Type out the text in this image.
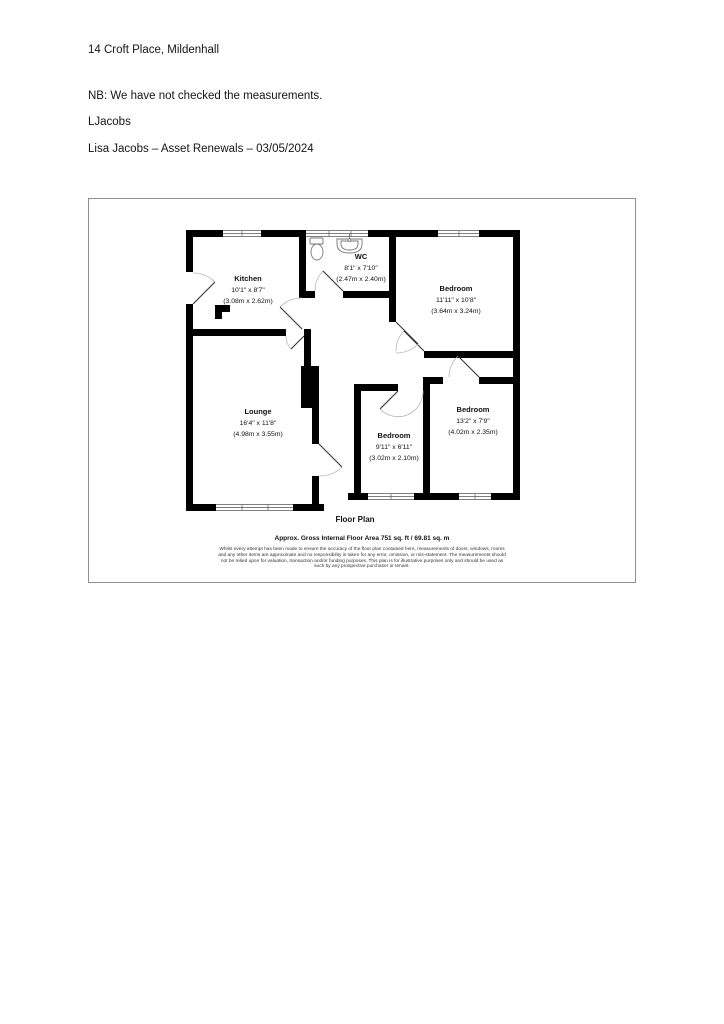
14 Croft Place, Mildenhall
NB: We have not checked the measurements.
LJacobs
Lisa Jacobs – Asset Renewals – 03/05/2024
Kitchen
10'1" x 8'7"
(3.08m x 2.62m)
WC
8'1" x 7'10"
(2.47m x 2.40m)
Bedroom
11'11" x 10'8"
(3.64m x 3.24m)
Lounge
16'4" x 11'8"
(4.98m x 3.55m)	Bedroom
9'11" x 6'11"
(3.02m x 2.10m)
Bedroom
13'2" x 7'9"
(4.02m x 2.35m)
Floor Plan
Approx. Gross Internal Floor Area 751 sq. ft / 69.81 sq. m
Whilst every attempt has been made to ensure the accuracy of the floor plan contained here, measurements of doors, windows, rooms and any other items are approximate and no responsibility is taken for any error, omission, or mis-statement. The measurements should not be relied upon for valuation, transaction and/or funding purposes. This plan is for illustrative purposes only and should be used as such by any prospective purchaser or tenant.
